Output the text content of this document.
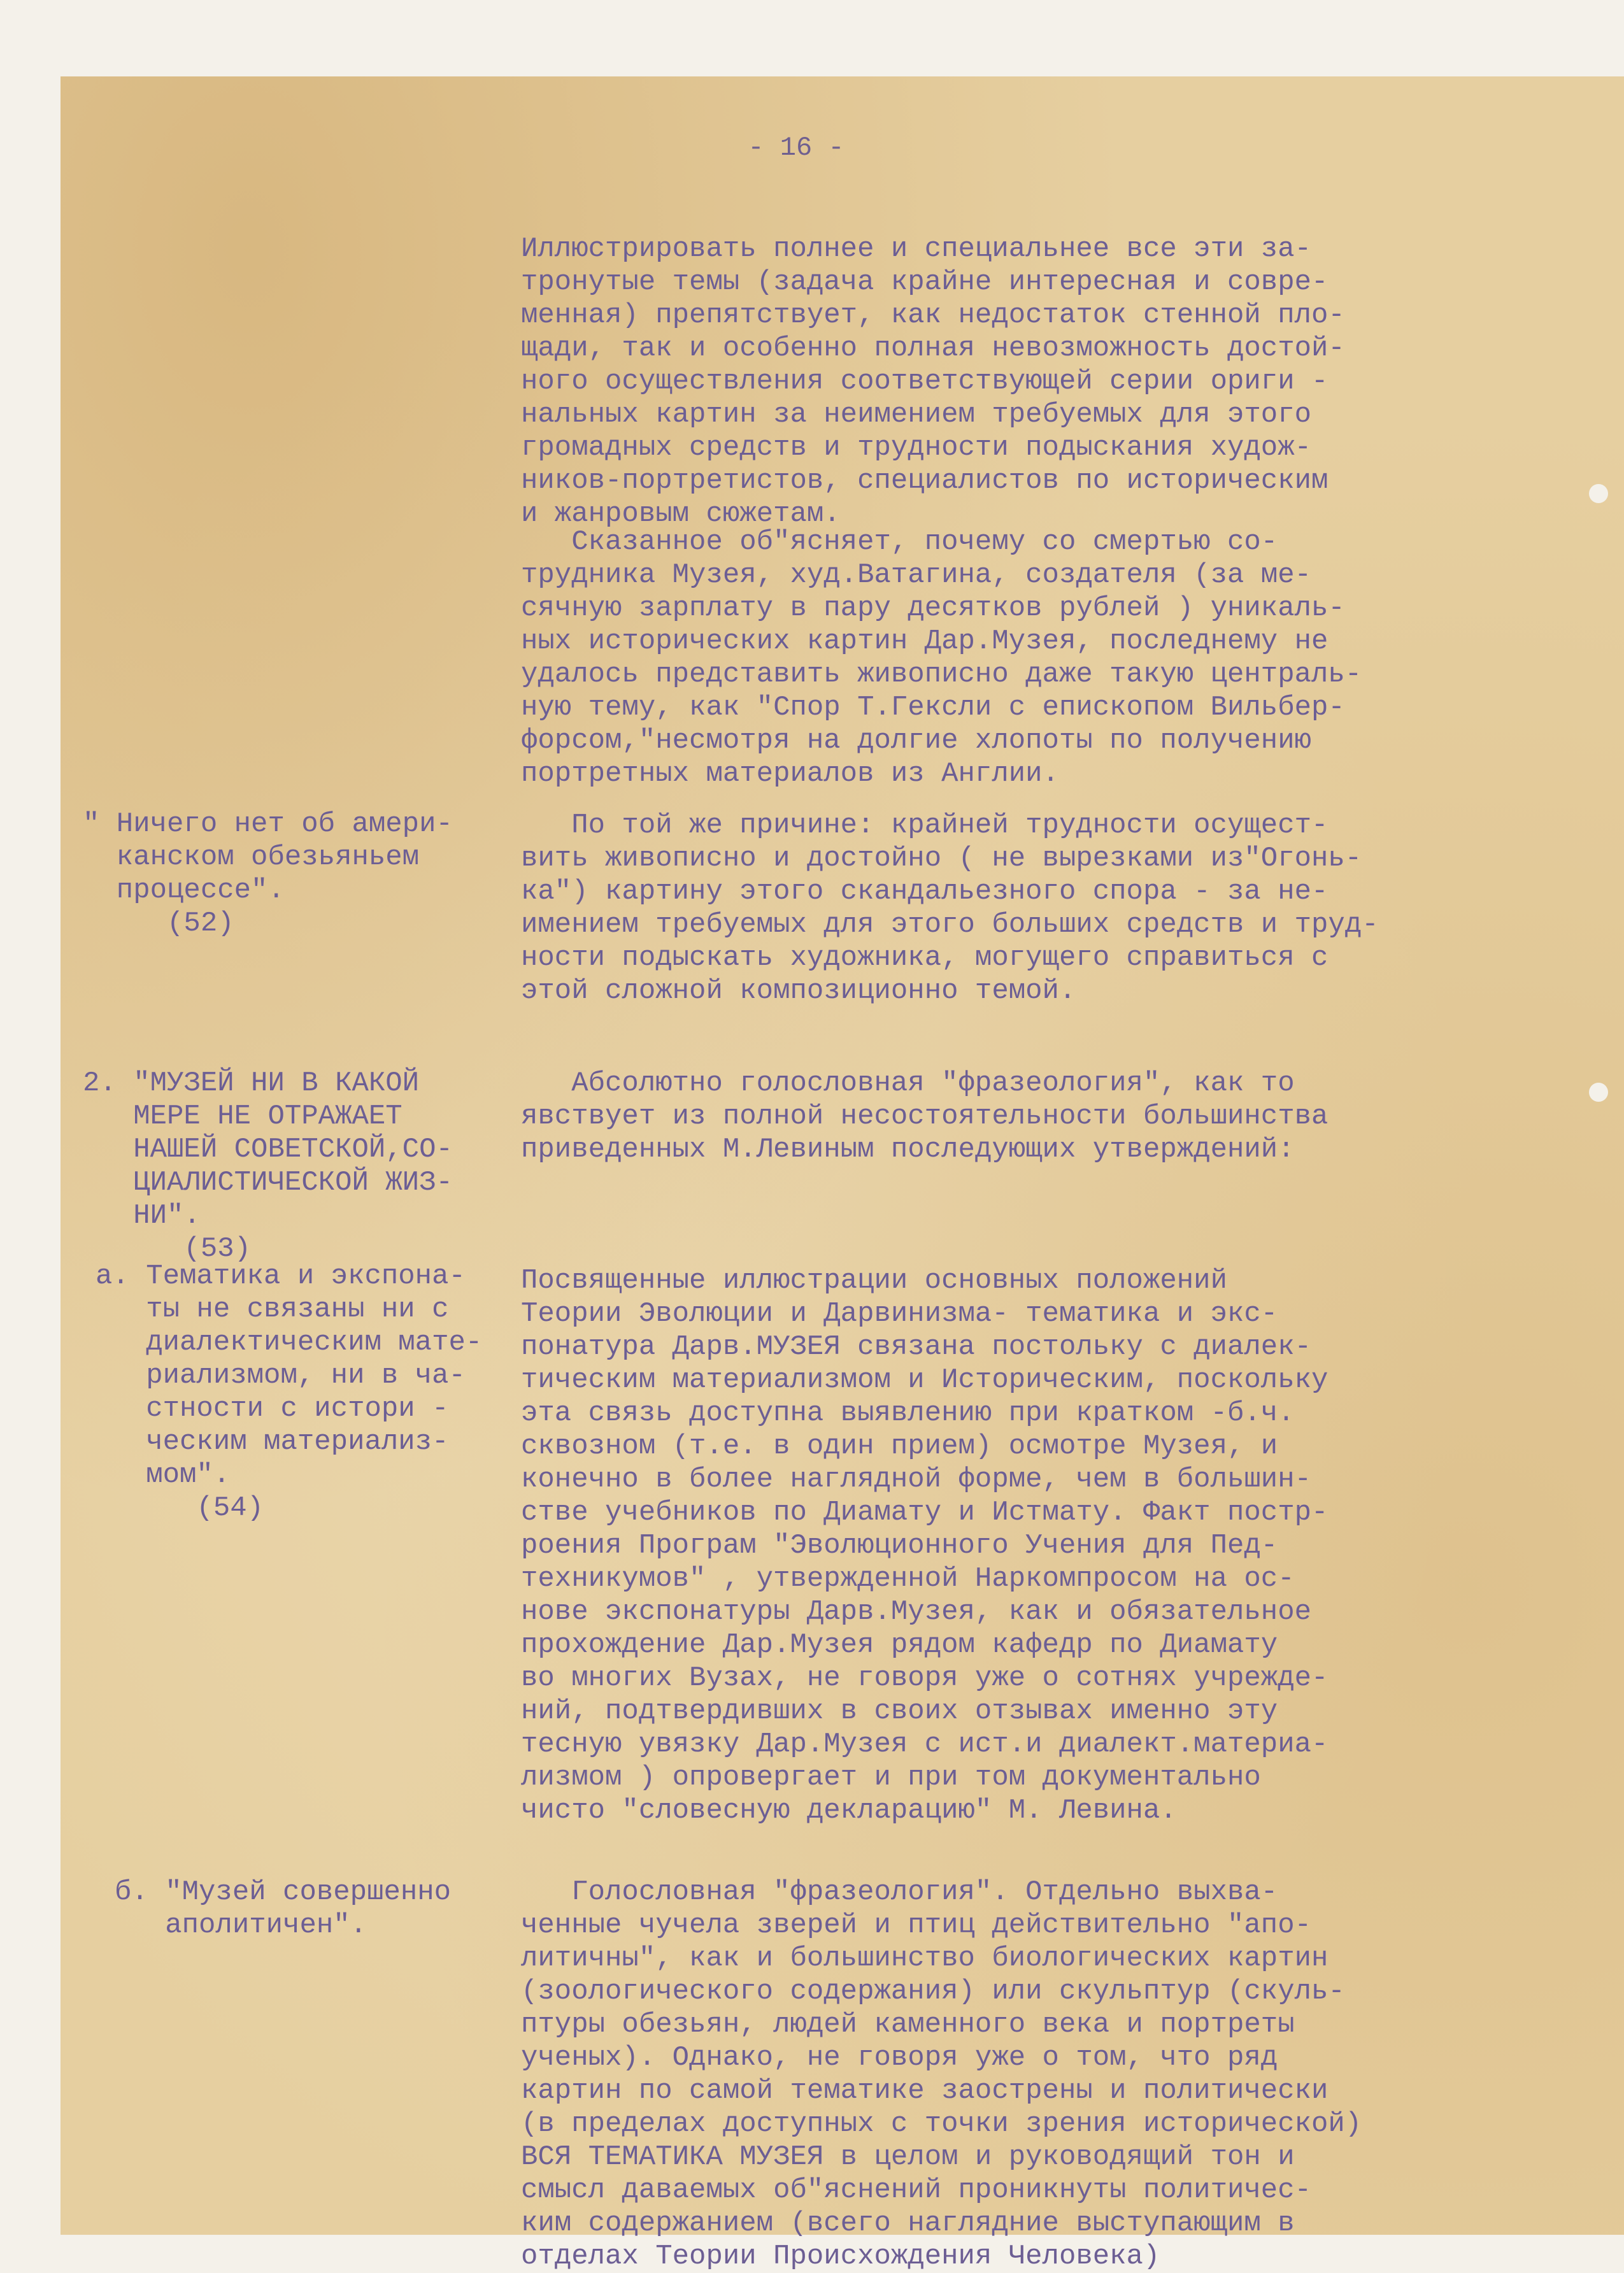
- 16 -
Иллюстрировать полнее и специальнее все эти за-
тронутые темы (задача крайне интересная и совре-
менная) препятствует, как недостаток стенной пло-
щади, так и особенно полная невозможность достой-
ного осуществления соответствующей серии ориги -
нальных картин за неимением требуемых для этого
громадных средств и трудности подыскания худож-
ников-портретистов, специалистов по историческим
и жанровым сюжетам.
Сказанное об"ясняет, почему со смертью со-
трудника Музея, худ.Ватагина, создателя (за ме-
сячную зарплату в пару десятков рублей ) уникаль-
ных исторических картин Дар.Музея, последнему не
удалось представить живописно даже такую централь-
ную тему, как "Спор Т.Гексли с епископом Вильбер-
форсом,"несмотря на долгие хлопоты по получению
портретных материалов из Англии.
" Ничего нет об амери-
канском обезьяньем
процессе".
(52)
По той же причине: крайней трудности осущест-
вить живописно и достойно ( не вырезками из"Огонь-
ка") картину этого скандальезного спора - за не-
имением требуемых для этого больших средств и труд-
ности подыскать художника, могущего справиться с
этой сложной композиционно темой.
2. "МУЗЕЙ НИ В КАКОЙ
МЕРЕ НЕ ОТРАЖАЕТ
НАШЕЙ СОВЕТСКОЙ,СО-
ЦИАЛИСТИЧЕСКОЙ ЖИЗ-
НИ".
(53)
Абсолютно голословная "фразеология", как то
явствует из полной несостоятельности большинства
приведенных М.Левиным последующих утверждений:
а. Тематика и экспона-
ты не связаны ни с
диалектическим мате-
риализмом, ни в ча-
стности с истори -
ческим материализ-
мом".
(54)
Посвященные иллюстрации основных положений
Теории Эволюции и Дарвинизма- тематика и экс-
понатура Дарв.МУЗЕЯ связана постольку с диалек-
тическим материализмом и Историческим, поскольку
эта связь доступна выявлению при кратком -б.ч.
сквозном (т.е. в один прием) осмотре Музея, и
конечно в более наглядной форме, чем в большин-
стве учебников по Диамату и Истмату. Факт постр-
роения Програм "Эволюционного Учения для Пед-
техникумов" , утвержденной Наркомпросом на ос-
нове экспонатуры Дарв.Музея, как и обязательное
прохождение Дар.Музея рядом кафедр по Диамату
во многих Вузах, не говоря уже о сотнях учрежде-
ний, подтвердивших в своих отзывах именно эту
тесную увязку Дар.Музея с ист.и диалект.материа-
лизмом ) опровергает и при том документально
чисто "словесную декларацию" М. Левина.
б. "Музей совершенно
аполитичен".
Голословная "фразеология". Отдельно выхва-
ченные чучела зверей и птиц действительно "апо-
литичны", как и большинство биологических картин
(зоологического содержания) или скульптур (скуль-
птуры обезьян, людей каменного века и портреты
ученых). Однако, не говоря уже о том, что ряд
картин по самой тематике заострены и политически
(в пределах доступных с точки зрения исторической)
ВСЯ ТЕМАТИКА МУЗЕЯ в целом и руководящий тон и
смысл даваемых об"яснений проникнуты политичес-
ким содержанием (всего наглядние выступающим в
отделах Теории Происхождения Человека)
